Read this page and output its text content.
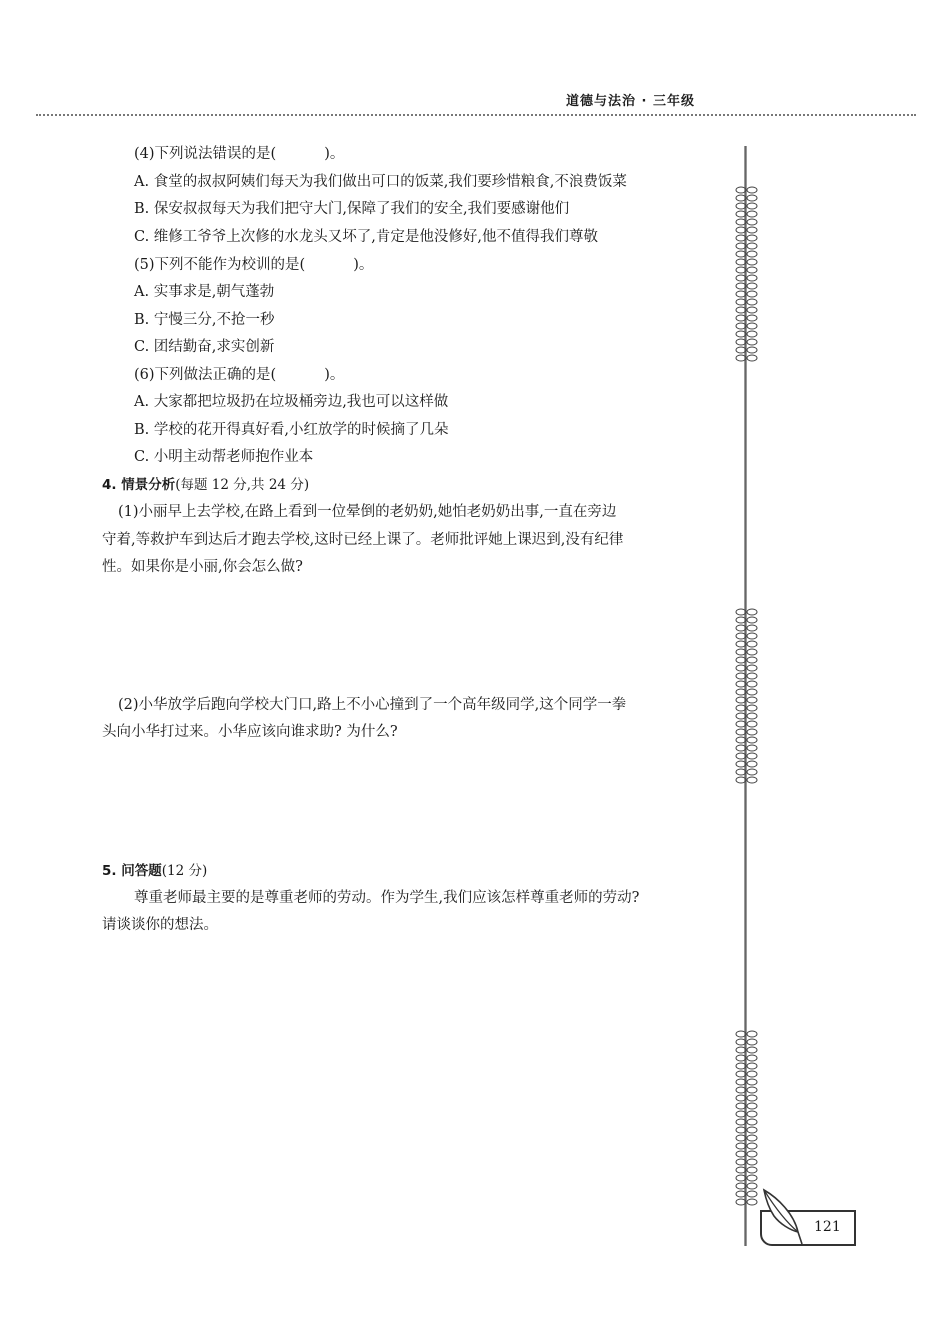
道德与法治 · 三年级
(4)下列说法错误的是(	)。
A. 食堂的叔叔阿姨们每天为我们做出可口的饭菜,我们要珍惜粮食,不浪费饭菜
B. 保安叔叔每天为我们把守大门,保障了我们的安全,我们要感谢他们
C. 维修工爷爷上次修的水龙头又坏了,肯定是他没修好,他不值得我们尊敬
(5)下列不能作为校训的是(	)。
A. 实事求是,朝气蓬勃
B. 宁慢三分,不抢一秒
C. 团结勤奋,求实创新
(6)下列做法正确的是(	)。
A. 大家都把垃圾扔在垃圾桶旁边,我也可以这样做
B. 学校的花开得真好看,小红放学的时候摘了几朵
C. 小明主动帮老师抱作业本
4. 情景分析(每题 12 分,共 24 分)
(1)小丽早上去学校,在路上看到一位晕倒的老奶奶,她怕老奶奶出事,一直在旁边
守着,等救护车到达后才跑去学校,这时已经上课了。老师批评她上课迟到,没有纪律
性。如果你是小丽,你会怎么做?
(2)小华放学后跑向学校大门口,路上不小心撞到了一个高年级同学,这个同学一拳
头向小华打过来。小华应该向谁求助? 为什么?
5. 问答题(12 分)
尊重老师最主要的是尊重老师的劳动。作为学生,我们应该怎样尊重老师的劳动?
请谈谈你的想法。
121
